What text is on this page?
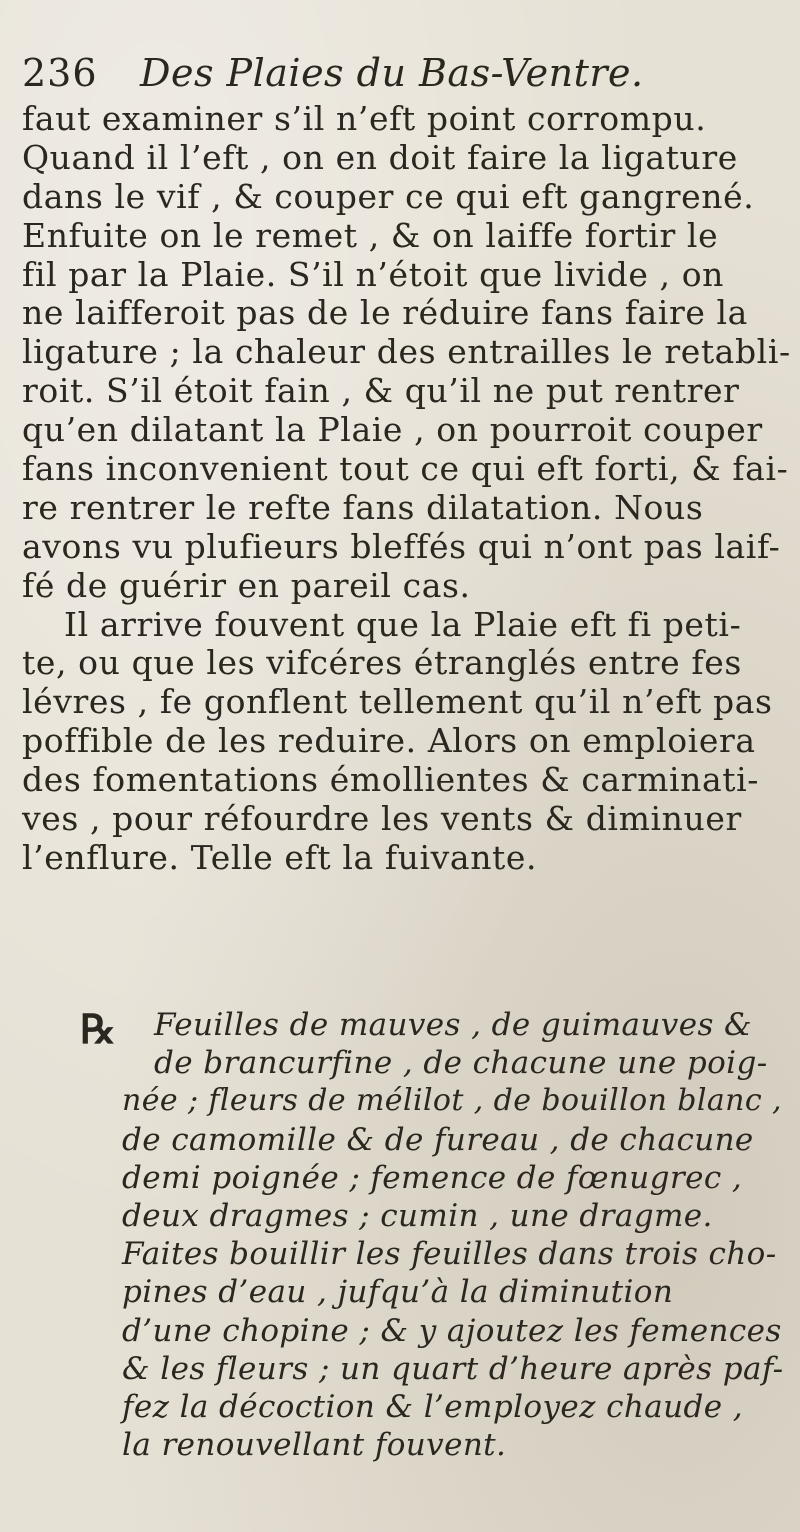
236 Des Plaies du Bas-Ventre.
faut examiner s’il n’eft point corrompu.
Quand il l’eft , on en doit faire la ligature
dans le vif , & couper ce qui eft gangrené.
Enfuite on le remet , & on laiffe fortir le
fil par la Plaie. S’il n’étoit que livide , on
ne laifferoit pas de le réduire fans faire la
ligature ; la chaleur des entrailles le retabli-
roit. S’il étoit fain , & qu’il ne put rentrer
qu’en dilatant la Plaie , on pourroit couper
fans inconvenient tout ce qui eft forti, & fai-
re rentrer le refte fans dilatation. Nous
avons vu plufieurs bleffés qui n’ont pas laif-
fé de guérir en pareil cas.
Il arrive fouvent que la Plaie eft fi peti-
te, ou que les vifcéres étranglés entre fes
lévres , fe gonflent tellement qu’il n’eft pas
poffible de les reduire. Alors on emploiera
des fomentations émollientes & carminati-
ves , pour réfourdre les vents & diminuer
l’enflure. Telle eft la fuivante.
℞	Feuilles de mauves , de guimauves &
de brancurfine , de chacune une poig-
née ; fleurs de mélilot , de bouillon blanc ,
de camomille & de fureau , de chacune
demi poignée ; femence de fœnugrec ,
deux dragmes ; cumin , une dragme.
Faites bouillir les feuilles dans trois cho-
pines d’eau , jufqu’à la diminution
d’une chopine ; & y ajoutez les femences
& les fleurs ; un quart d’heure après paf-
fez la décoction & l’employez chaude ,
la renouvellant fouvent.
